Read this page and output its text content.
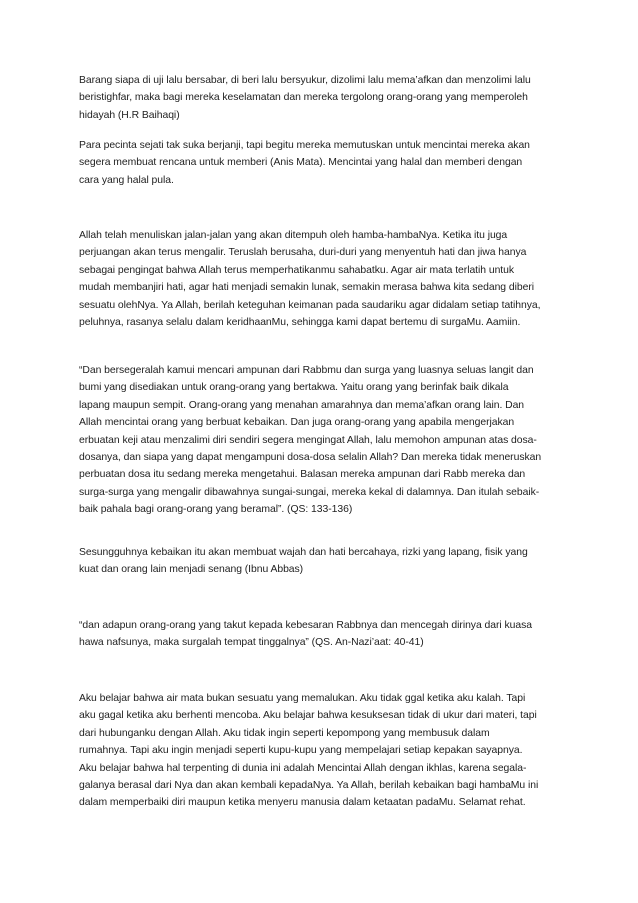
Barang siapa di uji lalu bersabar, di beri lalu bersyukur, dizolimi lalu mema’afkan dan menzolimi lalu
beristighfar, maka bagi mereka keselamatan dan mereka tergolong orang-orang yang memperoleh
hidayah (H.R Baihaqi)

Para pecinta sejati tak suka berjanji, tapi begitu mereka memutuskan untuk mencintai mereka akan
segera membuat rencana untuk memberi (Anis Mata). Mencintai yang halal dan memberi dengan
cara yang halal pula.

Allah telah menuliskan jalan-jalan yang akan ditempuh oleh hamba-hambaNya. Ketika itu juga
perjuangan akan terus mengalir. Teruslah berusaha, duri-duri yang menyentuh hati dan jiwa hanya
sebagai pengingat bahwa Allah terus memperhatikanmu sahabatku. Agar air mata terlatih untuk
mudah membanjiri hati, agar hati menjadi semakin lunak, semakin merasa bahwa kita sedang diberi
sesuatu olehNya. Ya Allah, berilah keteguhan keimanan pada saudariku agar didalam setiap tatihnya,
peluhnya, rasanya selalu dalam keridhaanMu, sehingga kami dapat bertemu di surgaMu. Aamiin.

“Dan bersegeralah kamui mencari ampunan dari Rabbmu dan surga yang luasnya seluas langit dan
bumi yang disediakan untuk orang-orang yang bertakwa. Yaitu orang yang berinfak baik dikala
lapang maupun sempit. Orang-orang yang menahan amarahnya dan mema’afkan orang lain. Dan
Allah mencintai orang yang berbuat kebaikan. Dan juga orang-orang yang apabila mengerjakan
erbuatan keji atau menzalimi diri sendiri segera mengingat Allah, lalu memohon ampunan atas dosa-
dosanya, dan siapa yang dapat mengampuni dosa-dosa selalin Allah? Dan mereka tidak meneruskan
perbuatan dosa itu sedang mereka mengetahui. Balasan mereka ampunan dari Rabb mereka dan
surga-surga yang mengalir dibawahnya sungai-sungai, mereka kekal di dalamnya. Dan itulah sebaik-
baik pahala bagi orang-orang yang beramal”. (QS: 133-136)

Sesungguhnya kebaikan itu akan membuat wajah dan hati bercahaya, rizki yang lapang, fisik yang
kuat dan orang lain menjadi senang (Ibnu Abbas)

“dan adapun orang-orang yang takut kepada kebesaran Rabbnya dan mencegah dirinya dari kuasa
hawa nafsunya, maka surgalah tempat tinggalnya” (QS. An-Nazi’aat: 40-41)

Aku belajar bahwa air mata bukan sesuatu yang memalukan. Aku tidak ggal ketika aku kalah. Tapi
aku gagal ketika aku berhenti mencoba. Aku belajar bahwa kesuksesan tidak di ukur dari materi, tapi
dari hubunganku dengan Allah. Aku tidak ingin seperti kepompong yang membusuk dalam
rumahnya. Tapi aku ingin menjadi seperti kupu-kupu yang mempelajari setiap kepakan sayapnya.
Aku belajar bahwa hal terpenting di dunia ini adalah Mencintai Allah dengan ikhlas, karena segala-
galanya berasal dari Nya dan akan kembali kepadaNya. Ya Allah, berilah kebaikan bagi hambaMu ini
dalam memperbaiki diri maupun ketika menyeru manusia dalam ketaatan padaMu. Selamat rehat.
